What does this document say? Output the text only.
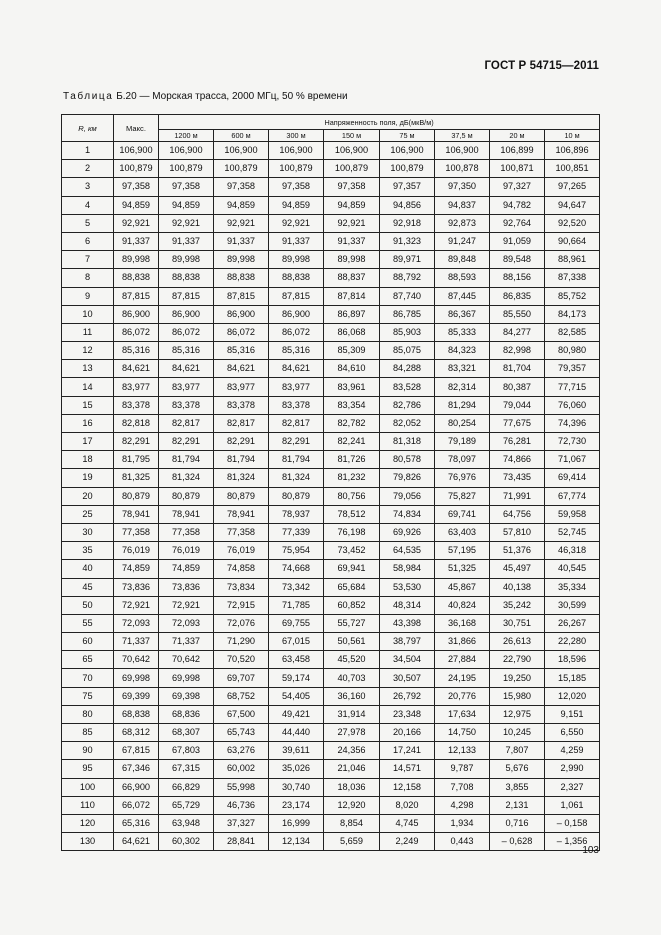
ГОСТ Р 54715—2011
Таблица Б.20 — Морская трасса, 2000 МГц, 50 % времени
R, км	Макс.	Напряженность поля, дБ(мкВ/м)							
		1200 м	600 м	300 м	150 м	75 м	37,5 м	20 м	10 м
1	106,900	106,900	106,900	106,900	106,900	106,900	106,900	106,899	106,896
2	100,879	100,879	100,879	100,879	100,879	100,879	100,878	100,871	100,851
3	97,358	97,358	97,358	97,358	97,358	97,357	97,350	97,327	97,265
4	94,859	94,859	94,859	94,859	94,859	94,856	94,837	94,782	94,647
5	92,921	92,921	92,921	92,921	92,921	92,918	92,873	92,764	92,520
6	91,337	91,337	91,337	91,337	91,337	91,323	91,247	91,059	90,664
7	89,998	89,998	89,998	89,998	89,998	89,971	89,848	89,548	88,961
8	88,838	88,838	88,838	88,838	88,837	88,792	88,593	88,156	87,338
9	87,815	87,815	87,815	87,815	87,814	87,740	87,445	86,835	85,752
10	86,900	86,900	86,900	86,900	86,897	86,785	86,367	85,550	84,173
11	86,072	86,072	86,072	86,072	86,068	85,903	85,333	84,277	82,585
12	85,316	85,316	85,316	85,316	85,309	85,075	84,323	82,998	80,980
13	84,621	84,621	84,621	84,621	84,610	84,288	83,321	81,704	79,357
14	83,977	83,977	83,977	83,977	83,961	83,528	82,314	80,387	77,715
15	83,378	83,378	83,378	83,378	83,354	82,786	81,294	79,044	76,060
16	82,818	82,817	82,817	82,817	82,782	82,052	80,254	77,675	74,396
17	82,291	82,291	82,291	82,291	82,241	81,318	79,189	76,281	72,730
18	81,795	81,794	81,794	81,794	81,726	80,578	78,097	74,866	71,067
19	81,325	81,324	81,324	81,324	81,232	79,826	76,976	73,435	69,414
20	80,879	80,879	80,879	80,879	80,756	79,056	75,827	71,991	67,774
25	78,941	78,941	78,941	78,937	78,512	74,834	69,741	64,756	59,958
30	77,358	77,358	77,358	77,339	76,198	69,926	63,403	57,810	52,745
35	76,019	76,019	76,019	75,954	73,452	64,535	57,195	51,376	46,318
40	74,859	74,859	74,858	74,668	69,941	58,984	51,325	45,497	40,545
45	73,836	73,836	73,834	73,342	65,684	53,530	45,867	40,138	35,334
50	72,921	72,921	72,915	71,785	60,852	48,314	40,824	35,242	30,599
55	72,093	72,093	72,076	69,755	55,727	43,398	36,168	30,751	26,267
60	71,337	71,337	71,290	67,015	50,561	38,797	31,866	26,613	22,280
65	70,642	70,642	70,520	63,458	45,520	34,504	27,884	22,790	18,596
70	69,998	69,998	69,707	59,174	40,703	30,507	24,195	19,250	15,185
75	69,399	69,398	68,752	54,405	36,160	26,792	20,776	15,980	12,020
80	68,838	68,836	67,500	49,421	31,914	23,348	17,634	12,975	9,151
85	68,312	68,307	65,743	44,440	27,978	20,166	14,750	10,245	6,550
90	67,815	67,803	63,276	39,611	24,356	17,241	12,133	7,807	4,259
95	67,346	67,315	60,002	35,026	21,046	14,571	9,787	5,676	2,990
100	66,900	66,829	55,998	30,740	18,036	12,158	7,708	3,855	2,327
110	66,072	65,729	46,736	23,174	12,920	8,020	4,298	2,131	1,061
120	65,316	63,948	37,327	16,999	8,854	4,745	1,934	0,716	– 0,158
130	64,621	60,302	28,841	12,134	5,659	2,249	0,443	– 0,628	– 1,356
103
